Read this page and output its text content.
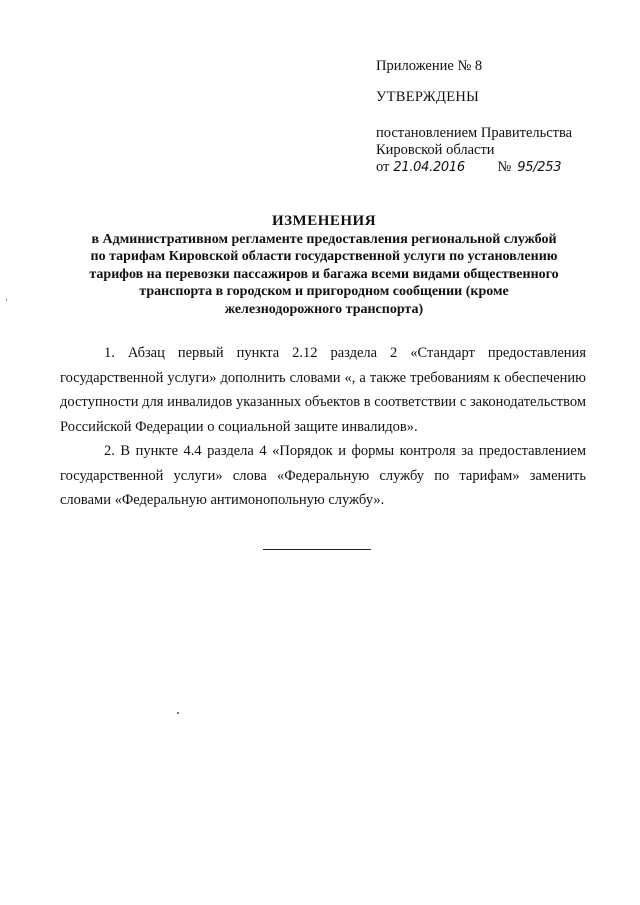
Приложение № 8
УТВЕРЖДЕНЫ
постановлением Правительства
Кировской области
от 21.04.2016	№ 95/253
ИЗМЕНЕНИЯ
в Административном регламенте предоставления региональной службой
по тарифам Кировской области государственной услуги по установлению
тарифов на перевозки пассажиров и багажа всеми видами общественного
транспорта в городском и пригородном сообщении (кроме
железнодорожного транспорта)

1. Абзац первый пункта 2.12 раздела 2 «Стандарт предоставления государственной услуги» дополнить словами «, а также требованиям к обеспечению доступности для инвалидов указанных объектов в соответствии с законодательством Российской Федерации о социальной защите инвалидов».

2. В пункте 4.4 раздела 4 «Порядок и формы контроля за предоставлением государственной услуги» слова «Федеральную службу по тарифам» заменить словами «Федеральную антимонопольную службу».
